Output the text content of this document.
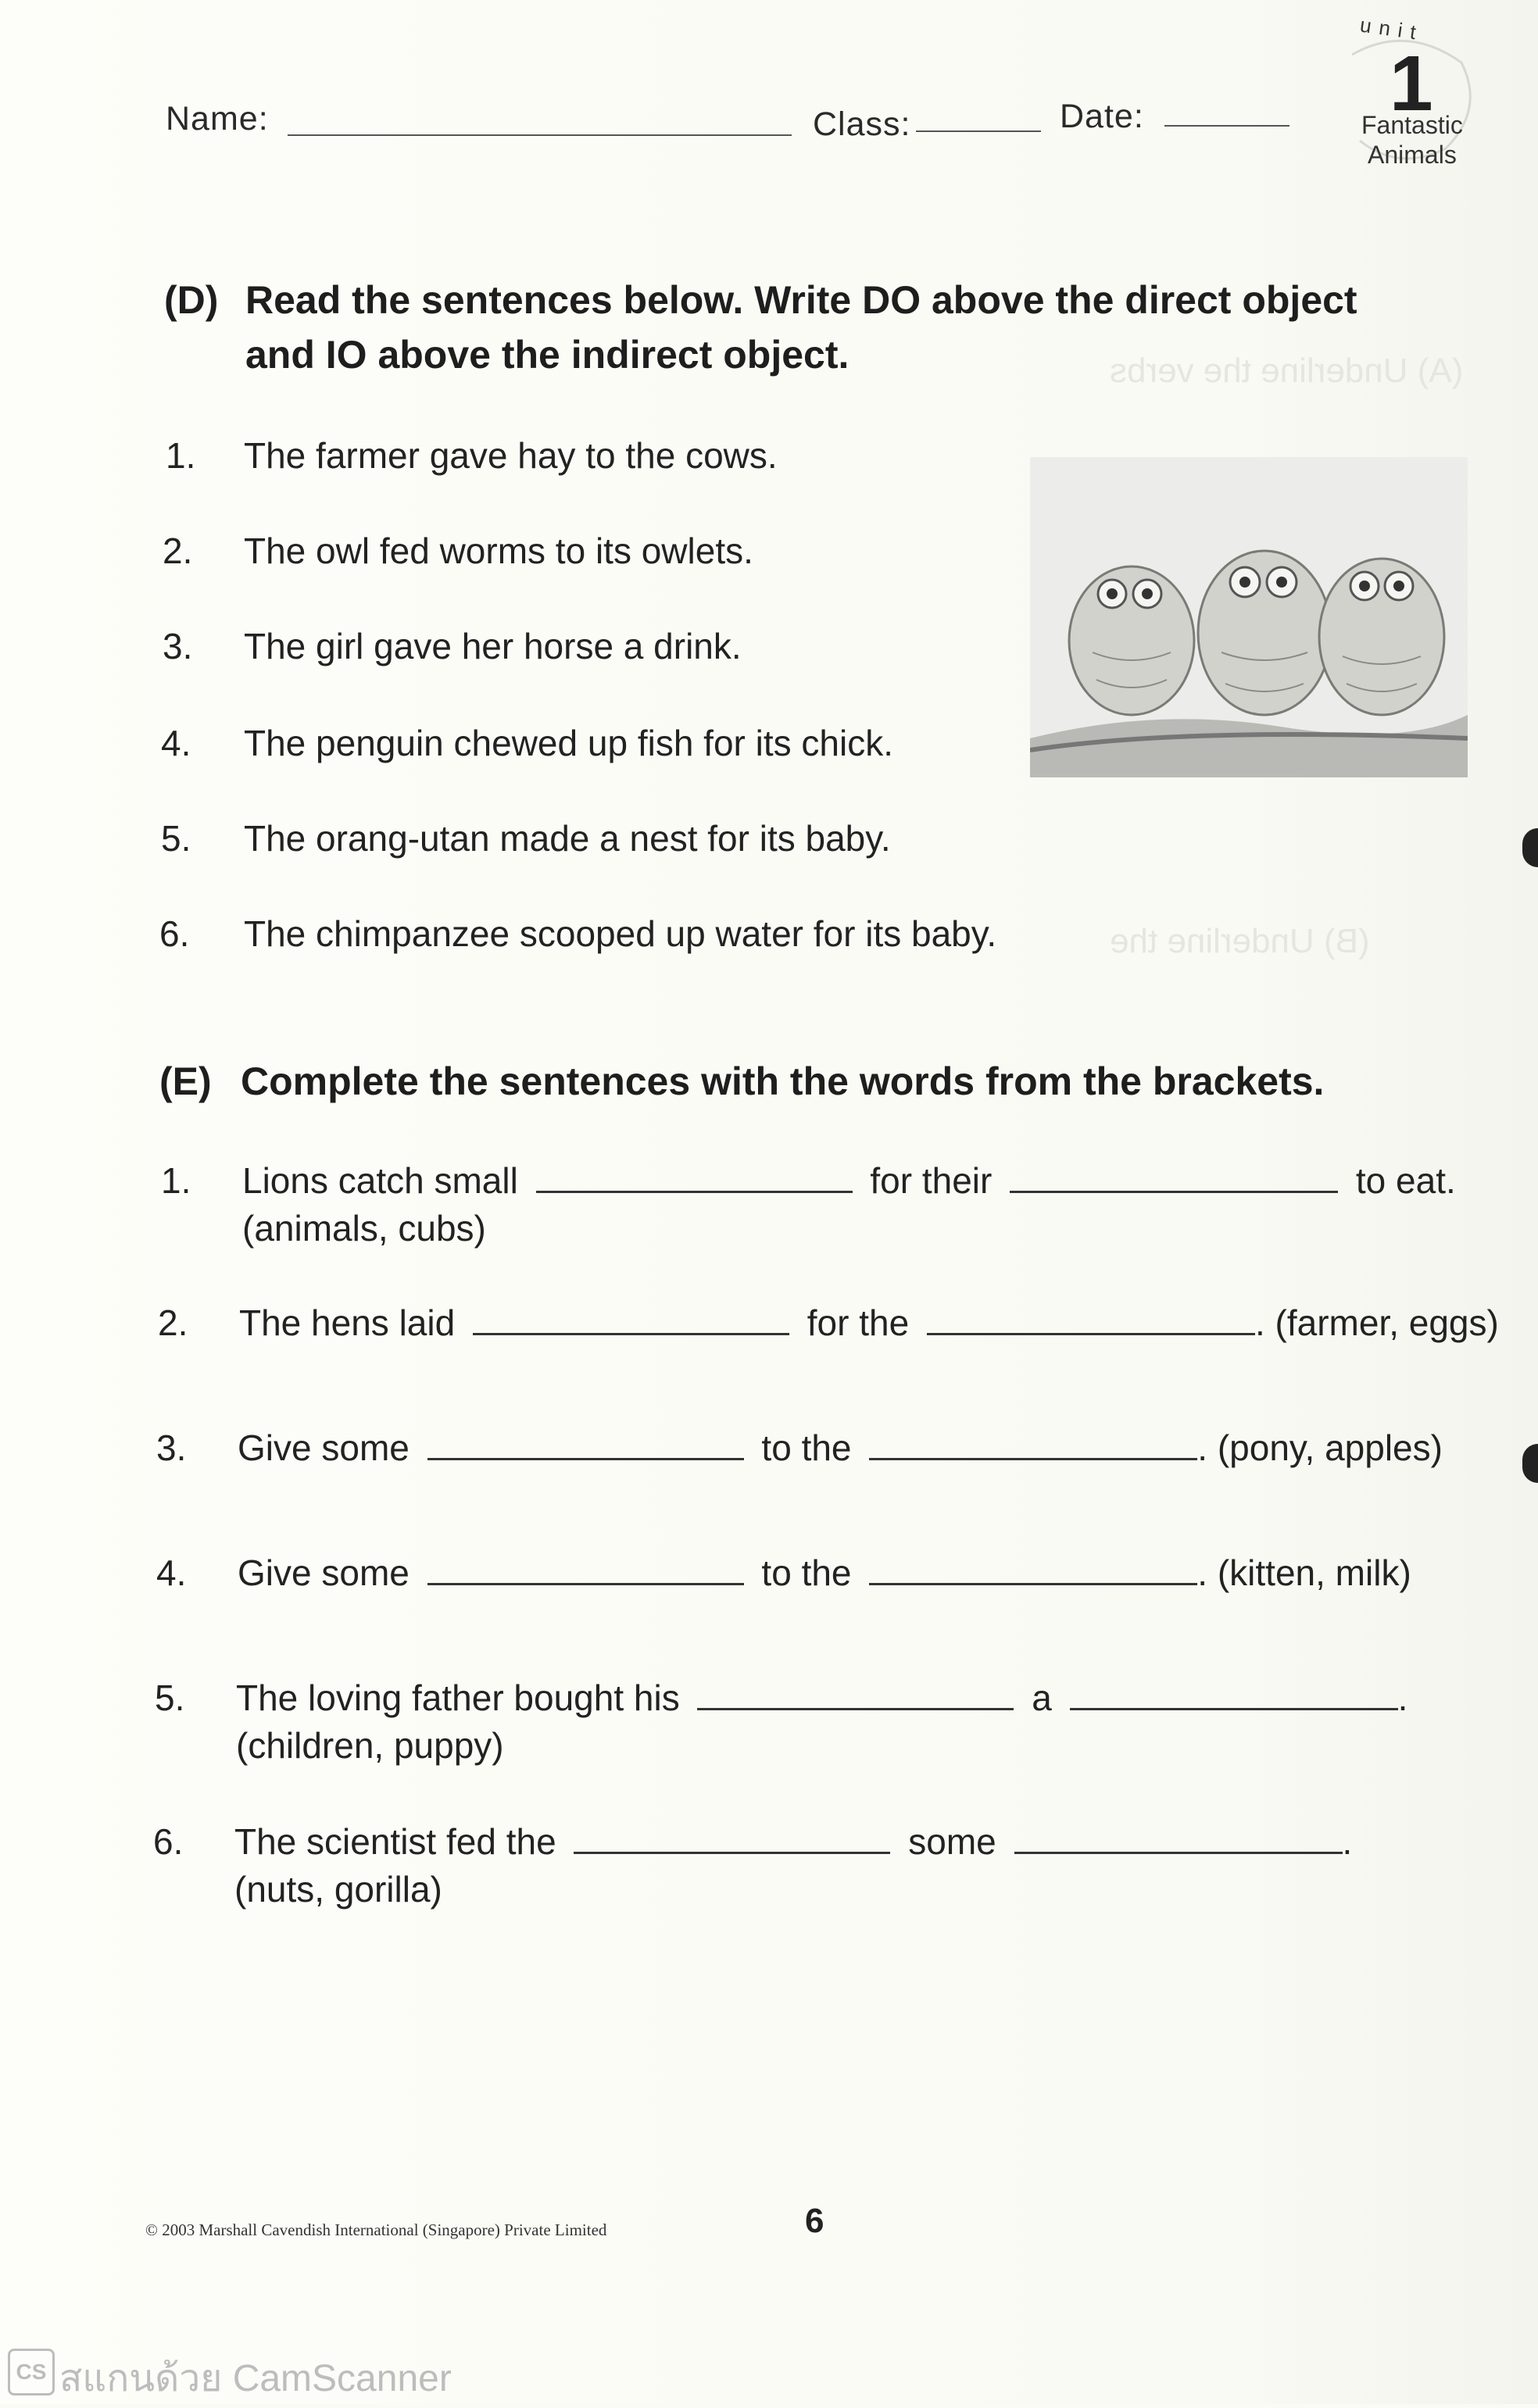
Name:	Class:	Date:
unit
1
Fantastic
Animals
(D) Read the sentences below. Write DO above the direct object
and IO above the indirect object.
1. The farmer gave hay to the cows.
2. The owl fed worms to its owlets.
3. The girl gave her horse a drink.
4. The penguin chewed up fish for its chick.
5. The orang-utan made a nest for its baby.
6. The chimpanzee scooped up water for its baby.
(A) Underline the verbs
(B) Underline the
(E) Complete the sentences with the words from the brackets.
1. Lions catch small	for their	to eat.
(animals, cubs)
2. The hens laid	for the	. (farmer, eggs)
3. Give some	to the	. (pony, apples)
4. Give some	to the	. (kitten, milk)
5. The loving father bought his	a	.
(children, puppy)
6. The scientist fed the	some	.
(nuts, gorilla)
© 2003 Marshall Cavendish International (Singapore) Private Limited	6
CS สแกนด้วย CamScanner
